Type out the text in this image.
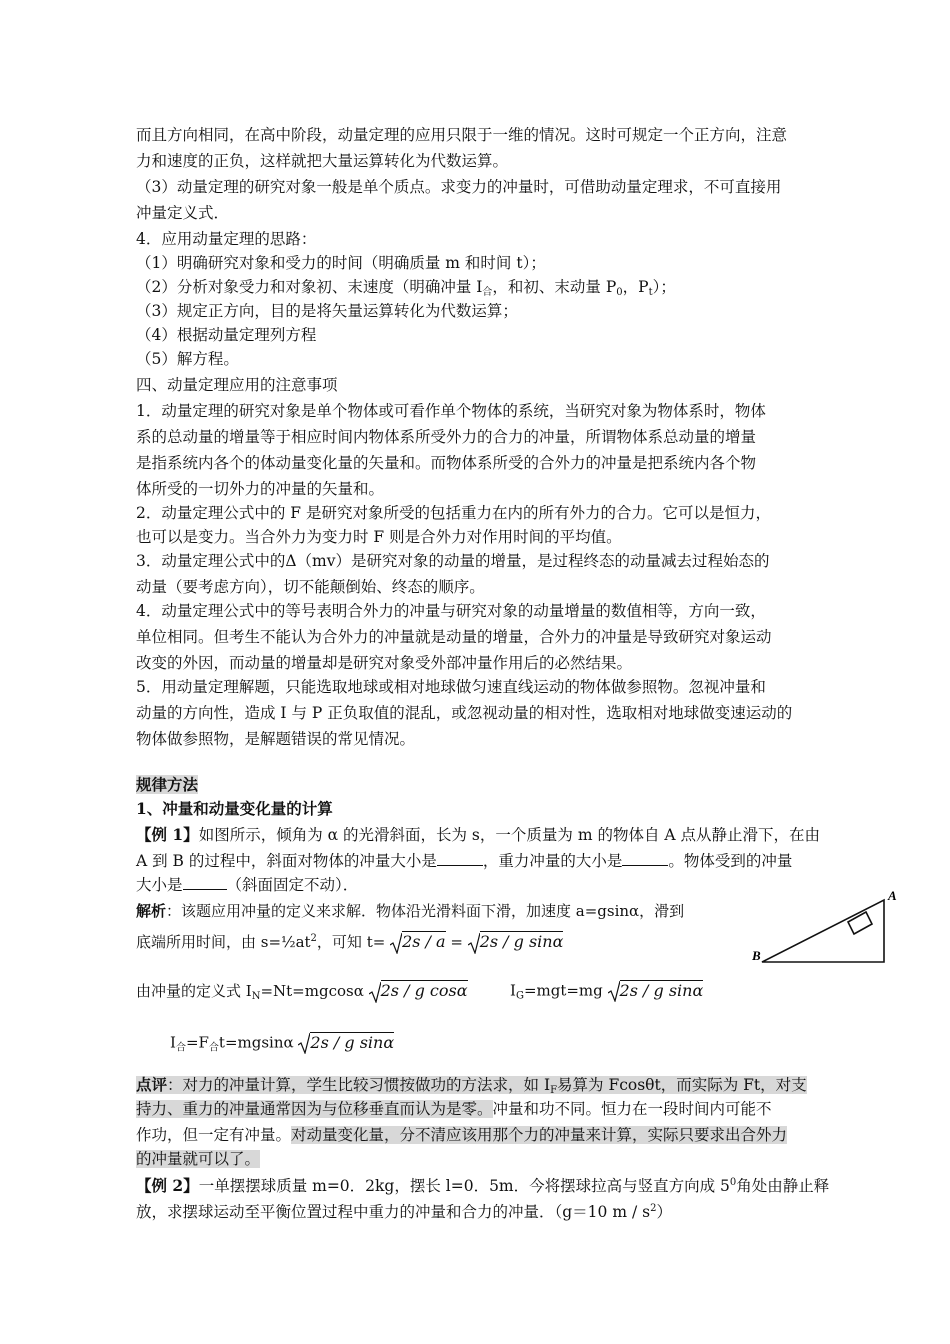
而且方向相同，在高中阶段，动量定理的应用只限于一维的情况。这时可规定一个正方向，注意
力和速度的正负，这样就把大量运算转化为代数运算。
（3）动量定理的研究对象一般是单个质点。求变力的冲量时，可借助动量定理求，不可直接用
冲量定义式．
4．应用动量定理的思路：
（1）明确研究对象和受力的时间（明确质量 m 和时间 t）；
（2）分析对象受力和对象初、末速度（明确冲量 $I_合$，和初、末动量 $P_0$，$P_t$）；
（3）规定正方向，目的是将矢量运算转化为代数运算；
（4）根据动量定理列方程
（5）解方程。
四、动量定理应用的注意事项
1．动量定理的研究对象是单个物体或可看作单个物体的系统，当研究对象为物体系时，物体
系的总动量的增量等于相应时间内物体系所受外力的合力的冲量，所谓物体系总动量的增量
是指系统内各个的体动量变化量的矢量和。而物体系所受的合外力的冲量是把系统内各个物
体所受的一切外力的冲量的矢量和。
2．动量定理公式中的 F 是研究对象所受的包括重力在内的所有外力的合力。它可以是恒力，
也可以是变力。当合外力为变力时 F 则是合外力对作用时间的平均值。
3．动量定理公式中的Δ（mv）是研究对象的动量的增量，是过程终态的动量减去过程始态的
动量（要考虑方向），切不能颠倒始、终态的顺序。
4．动量定理公式中的等号表明合外力的冲量与研究对象的动量增量的数值相等，方向一致，
单位相同。但考生不能认为合外力的冲量就是动量的增量，合外力的冲量是导致研究对象运动
改变的外因，而动量的增量却是研究对象受外部冲量作用后的必然结果。
5．用动量定理解题，只能选取地球或相对地球做匀速直线运动的物体做参照物。忽视冲量和
动量的方向性，造成 I 与 P 正负取值的混乱，或忽视动量的相对性，选取相对地球做变速运动的
物体做参照物，是解题错误的常见情况。
规律方法
1、冲量和动量变化量的计算
【例 1】如图所示，倾角为 α 的光滑斜面，长为 s，一个质量为 m 的物体自 A 点从静止滑下，在由
A 到 B 的过程中，斜面对物体的冲量大小是	，重力冲量的大小是	。物体受到的冲量
大小是	（斜面固定不动）．
解析：该题应用冲量的定义来求解．物体沿光滑料面下滑，加速度 a=gsinα，滑到
底端所用时间，由 $s=\frac{1}{2}at^2$，可知 t= 2s / a = 2s / g sinα
A
B
由冲量的定义式 $I_N=Nt=mgcos\alpha$ 2s / g cosα	$I_G=mgt=mg$ 2s / g sinα
$I_合=F_合t=mgsin\alpha$ 2s / g sinα
点评：对力的冲量计算，学生比较习惯按做功的方法求，如 $I_F$易算为 Fcosθt，而实际为 Ft，对支
持力、重力的冲量通常因为与位移垂直而认为是零。冲量和功不同。恒力在一段时间内可能不
作功，但一定有冲量。对动量变化量，分不清应该用那个力的冲量来计算，实际只要求出合外力
的冲量就可以了。
【例 2】一单摆摆球质量 m=0．2kg，摆长 l=0．5m．今将摆球拉高与竖直方向成 $5^0$角处由静止释
放，求摆球运动至平衡位置过程中重力的冲量和合力的冲量．（g＝10 m / $s^2$）
